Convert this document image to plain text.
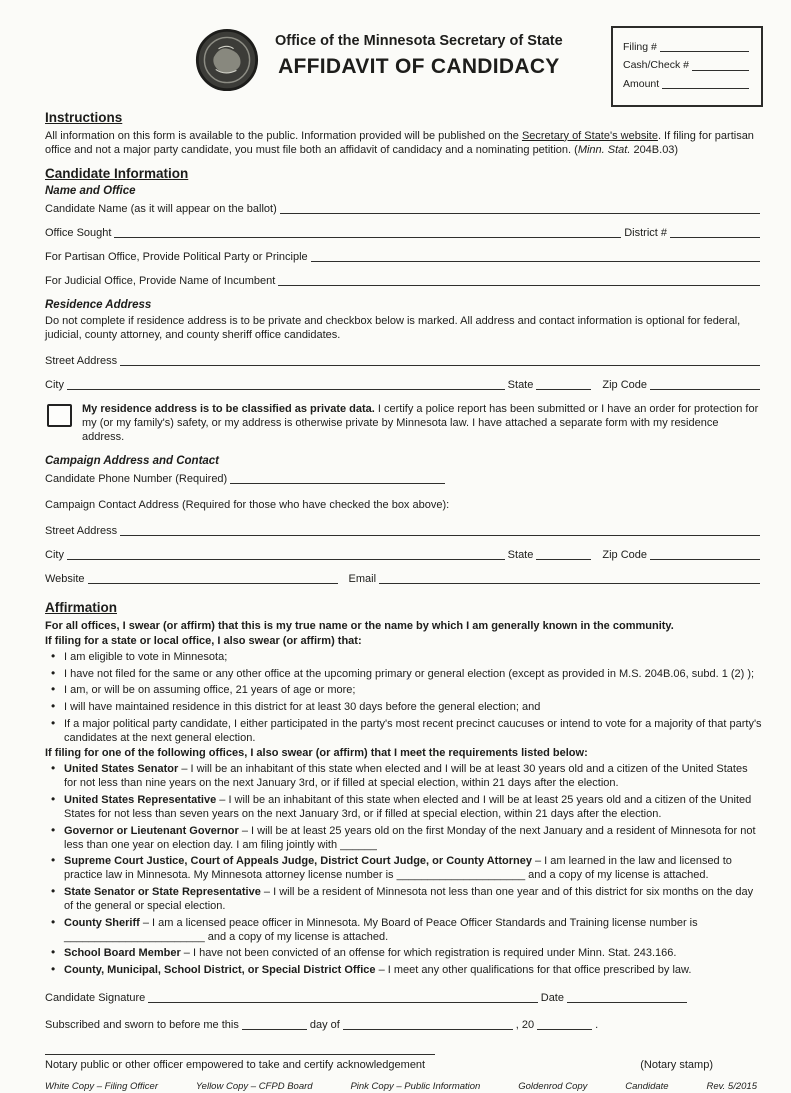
Office of the Minnesota Secretary of State
AFFIDAVIT OF CANDIDACY
Filing #
Cash/Check #
Amount
Instructions
All information on this form is available to the public. Information provided will be published on the Secretary of State's website. If filing for partisan office and not a major party candidate, you must file both an affidavit of candidacy and a nominating petition. (Minn. Stat. 204B.03)
Candidate Information
Name and Office
Candidate Name (as it will appear on the ballot)
Office Sought	District #
For Partisan Office, Provide Political Party or Principle
For Judicial Office, Provide Name of Incumbent
Residence Address
Do not complete if residence address is to be private and checkbox below is marked. All address and contact information is optional for federal, judicial, county attorney, and county sheriff office candidates.
Street Address
City	State	Zip Code
My residence address is to be classified as private data. I certify a police report has been submitted or I have an order for protection for my (or my family's) safety, or my address is otherwise private by Minnesota law. I have attached a separate form with my residence address.
Campaign Address and Contact
Candidate Phone Number (Required)
Campaign Contact Address (Required for those who have checked the box above):
Street Address
City	State	Zip Code
Website	Email
Affirmation
For all offices, I swear (or affirm) that this is my true name or the name by which I am generally known in the community.
If filing for a state or local office, I also swear (or affirm) that:
• I am eligible to vote in Minnesota;
• I have not filed for the same or any other office at the upcoming primary or general election (except as provided in M.S. 204B.06, subd. 1 (2) );
• I am, or will be on assuming office, 21 years of age or more;
• I will have maintained residence in this district for at least 30 days before the general election; and
• If a major political party candidate, I either participated in the party's most recent precinct caucuses or intend to vote for a majority of that party's candidates at the next general election.
If filing for one of the following offices, I also swear (or affirm) that I meet the requirements listed below:
• United States Senator – I will be an inhabitant of this state when elected and I will be at least 30 years old and a citizen of the United States for not less than nine years on the next January 3rd, or if filled at special election, within 21 days after the election.
• United States Representative – I will be an inhabitant of this state when elected and I will be at least 25 years old and a citizen of the United States for not less than seven years on the next January 3rd, or if filled at special election, within 21 days after the election.
• Governor or Lieutenant Governor – I will be at least 25 years old on the first Monday of the next January and a resident of Minnesota for not less than one year on election day. I am filing jointly with ______
• Supreme Court Justice, Court of Appeals Judge, District Court Judge, or County Attorney – I am learned in the law and licensed to practice law in Minnesota. My Minnesota attorney license number is _____________________ and a copy of my license is attached.
• State Senator or State Representative – I will be a resident of Minnesota not less than one year and of this district for six months on the day of the general or special election.
• County Sheriff – I am a licensed peace officer in Minnesota. My Board of Peace Officer Standards and Training license number is _______________________ and a copy of my license is attached.
• School Board Member – I have not been convicted of an offense for which registration is required under Minn. Stat. 243.166.
• County, Municipal, School District, or Special District Office – I meet any other qualifications for that office prescribed by law.
Candidate Signature	Date
Subscribed and sworn to before me this	day of	, 20	.
Notary public or other officer empowered to take and certify acknowledgement	(Notary stamp)
White Copy – Filing Officer	Yellow Copy – CFPD Board	Pink Copy – Public Information	Goldenrod Copy	Candidate	Rev. 5/2015
